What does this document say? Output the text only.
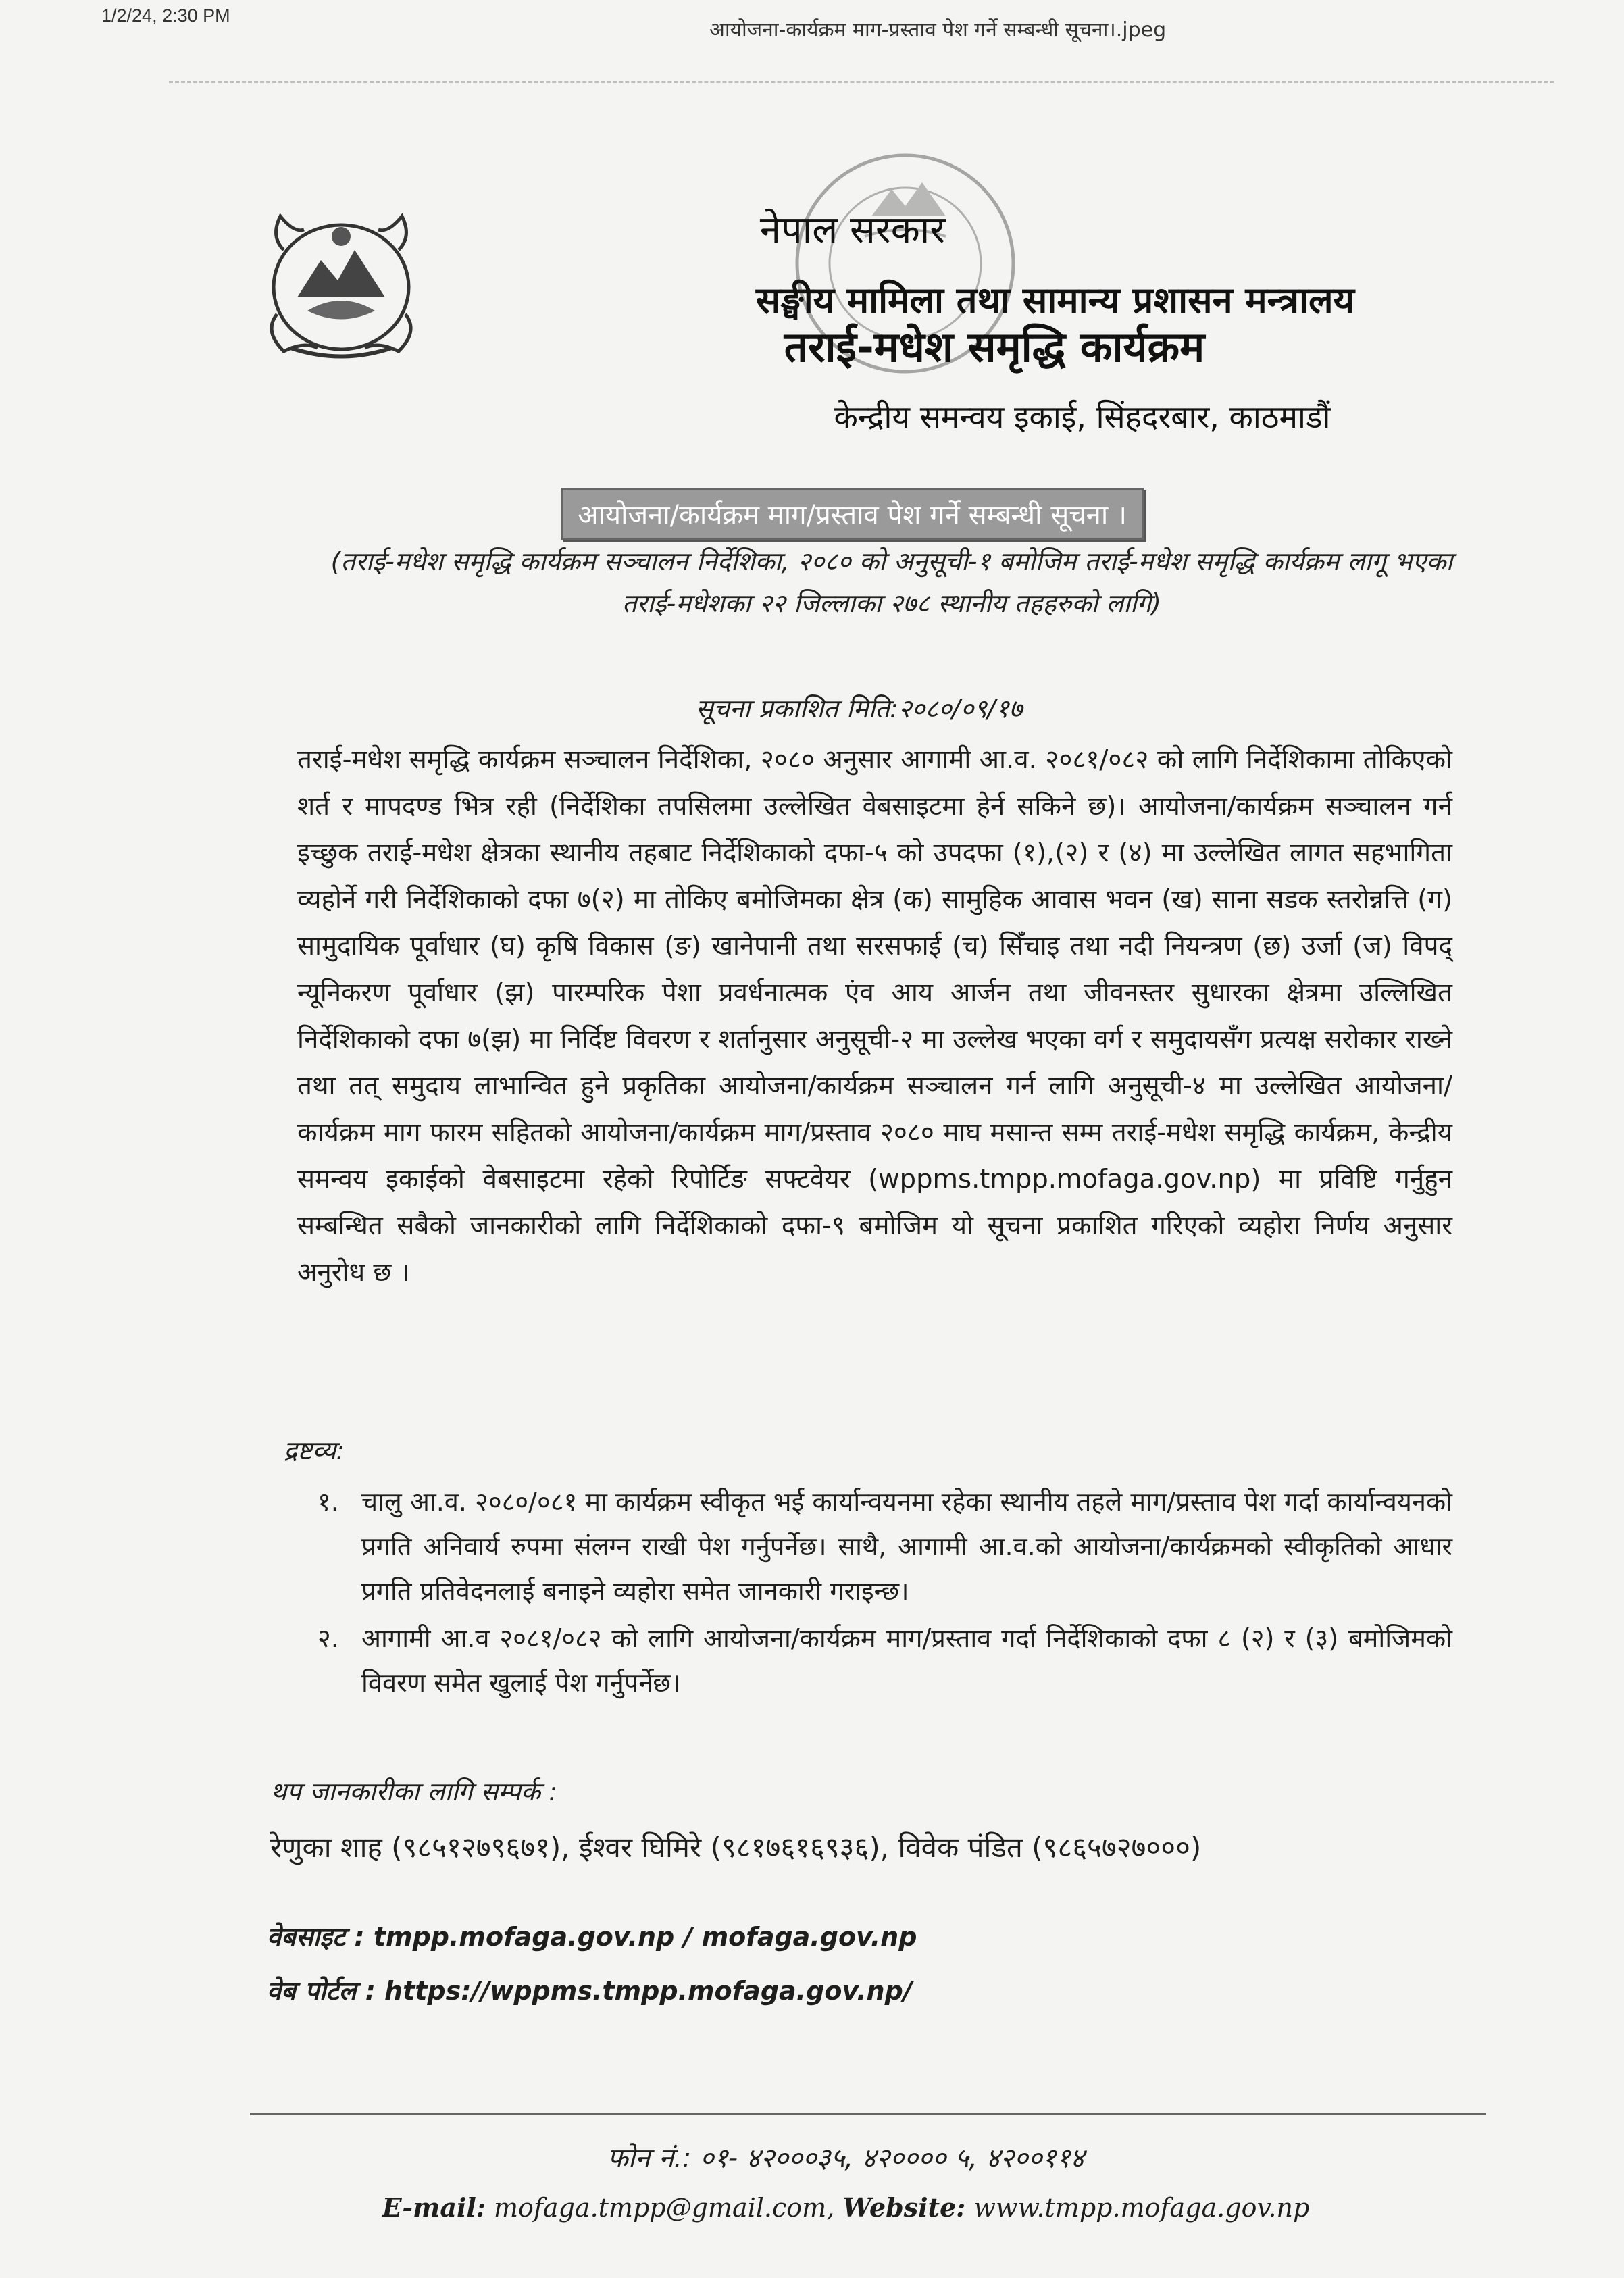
1/2/24, 2:30 PM
आयोजना-कार्यक्रम माग-प्रस्ताव पेश गर्ने सम्बन्धी सूचना।.jpeg
नेपाल सरकार
सङ्घीय मामिला तथा सामान्य प्रशासन मन्त्रालय
तराई-मधेश समृद्धि कार्यक्रम
केन्द्रीय समन्वय इकाई, सिंहदरबार, काठमाडौं
आयोजना/कार्यक्रम माग/प्रस्ताव पेश गर्ने सम्बन्धी सूचना ।
(तराई-मधेश समृद्धि कार्यक्रम सञ्चालन निर्देशिका, २०८० को अनुसूची-१ बमोजिम तराई-मधेश समृद्धि कार्यक्रम लागू भएका तराई-मधेशका २२ जिल्लाका २७८ स्थानीय तहहरुको लागि)
सूचना प्रकाशित मिति:२०८०/०९/१७
तराई-मधेश समृद्धि कार्यक्रम सञ्चालन निर्देशिका, २०८० अनुसार आगामी आ.व. २०८१/०८२ को लागि निर्देशिकामा तोकिएको शर्त र मापदण्ड भित्र रही (निर्देशिका तपसिलमा उल्लेखित वेबसाइटमा हेर्न सकिने छ)। आयोजना/कार्यक्रम सञ्चालन गर्न इच्छुक तराई-मधेश क्षेत्रका स्थानीय तहबाट निर्देशिकाको दफा-५ को उपदफा (१),(२) र (४) मा उल्लेखित लागत सहभागिता व्यहोर्ने गरी निर्देशिकाको दफा ७(२) मा तोकिए बमोजिमका क्षेत्र (क) सामुहिक आवास भवन (ख) साना सडक स्तरोन्नत्ति (ग) सामुदायिक पूर्वाधार (घ) कृषि विकास (ङ) खानेपानी तथा सरसफाई (च) सिँचाइ तथा नदी नियन्त्रण (छ) उर्जा (ज) विपद् न्यूनिकरण पूर्वाधार (झ) पारम्परिक पेशा प्रवर्धनात्मक एंव आय आर्जन तथा जीवनस्तर सुधारका क्षेत्रमा उल्लिखित निर्देशिकाको दफा ७(झ) मा निर्दिष्ट विवरण र शर्तानुसार अनुसूची-२ मा उल्लेख भएका वर्ग र समुदायसँग प्रत्यक्ष सरोकार राख्ने तथा तत् समुदाय लाभान्वित हुने प्रकृतिका आयोजना/कार्यक्रम सञ्चालन गर्न लागि अनुसूची-४ मा उल्लेखित आयोजना/कार्यक्रम माग फारम सहितको आयोजना/कार्यक्रम माग/प्रस्ताव २०८० माघ मसान्त सम्म तराई-मधेश समृद्धि कार्यक्रम, केन्द्रीय समन्वय इकाईको वेबसाइटमा रहेको रिपोर्टिङ सफ्टवेयर (wppms.tmpp.mofaga.gov.np) मा प्रविष्टि गर्नुहुन सम्बन्धित सबैको जानकारीको लागि निर्देशिकाको दफा-९ बमोजिम यो सूचना प्रकाशित गरिएको व्यहोरा निर्णय अनुसार अनुरोध छ ।
द्रष्टव्य:
१. चालु आ.व. २०८०/०८१ मा कार्यक्रम स्वीकृत भई कार्यान्वयनमा रहेका स्थानीय तहले माग/प्रस्ताव पेश गर्दा कार्यान्वयनको प्रगति अनिवार्य रुपमा संलग्न राखी पेश गर्नुपर्नेछ। साथै, आगामी आ.व.को आयोजना/कार्यक्रमको स्वीकृतिको आधार प्रगति प्रतिवेदनलाई बनाइने व्यहोरा समेत जानकारी गराइन्छ।
२. आगामी आ.व २०८१/०८२ को लागि आयोजना/कार्यक्रम माग/प्रस्ताव गर्दा निर्देशिकाको दफा ८ (२) र (३) बमोजिमको विवरण समेत खुलाई पेश गर्नुपर्नेछ।
थप जानकारीका लागि सम्पर्क :
रेणुका शाह (९८५१२७९६७१), ईश्वर घिमिरे (९८१७६१६९३६), विवेक पंडित (९८६५७२७०००)
वेबसाइट : tmpp.mofaga.gov.np / mofaga.gov.np
वेब पोर्टल : https://wppms.tmpp.mofaga.gov.np/
फोन नं.: ०१- ४२०००३५, ४२०००० ५, ४२००११४
E-mail: mofaga.tmpp@gmail.com, Website: www.tmpp.mofaga.gov.np
